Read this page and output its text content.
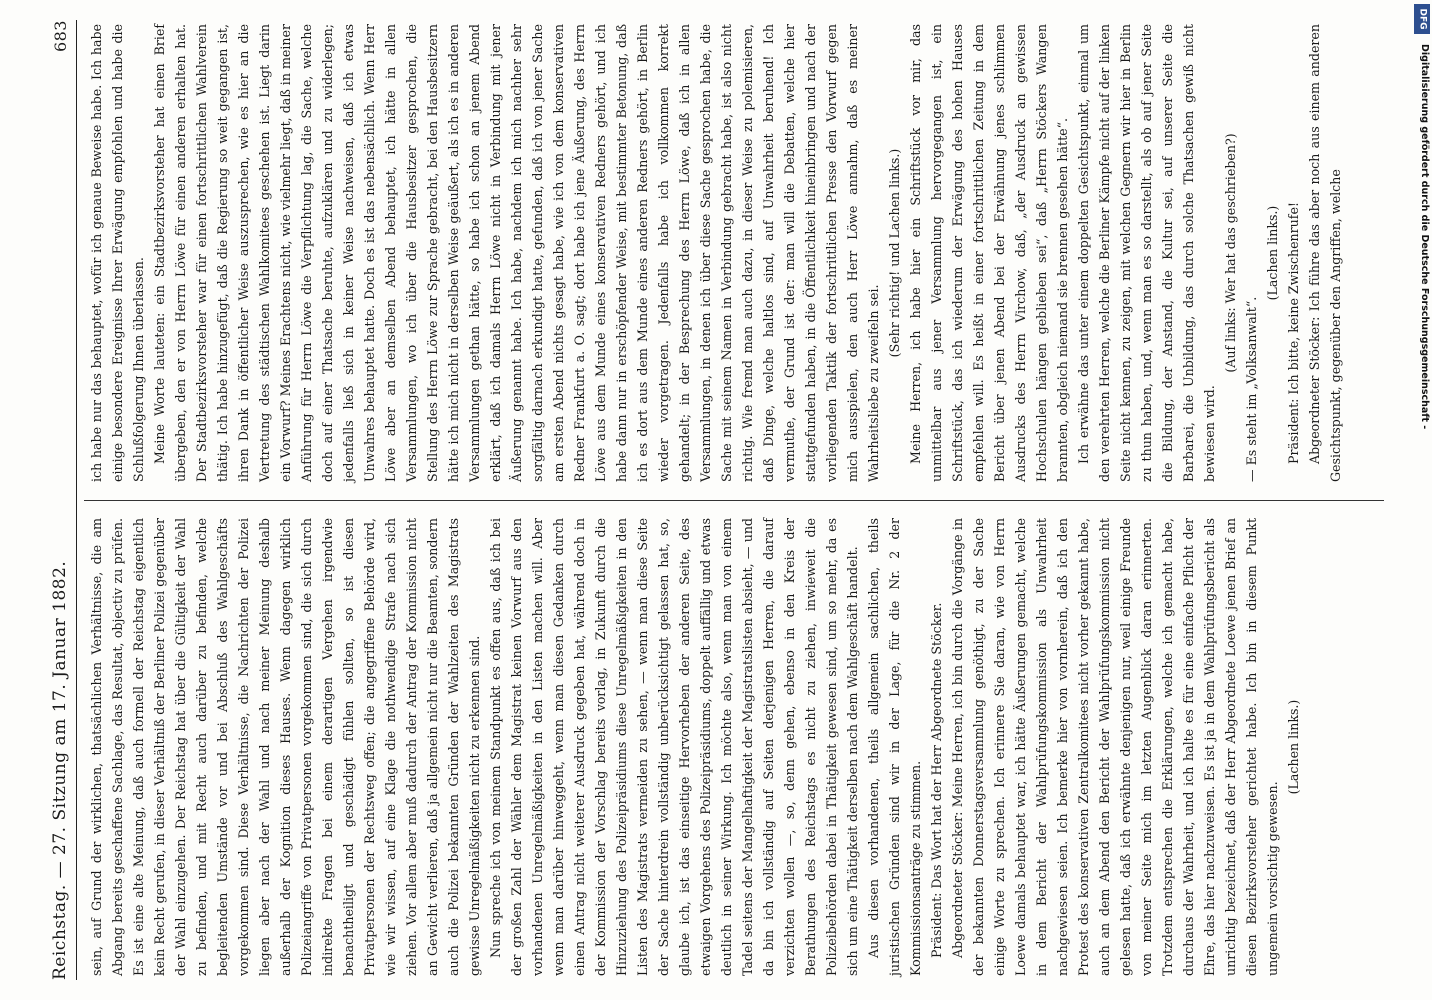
Reichstag. — 27. Sitzung am 17. Januar 1882.
683

sein, auf Grund der wirklichen, thatsächlichen Verhältnisse, die am Abgang bereits geschaffene Sachlage, das Resultat, objectiv zu prüfen. Es ist eine alte Meinung, daß auch formell der Reichstag eigentlich kein Recht gerufen, in dieser Verhältniß der Berliner Polizei gegenüber der Wahl einzugehen. Der Reichstag hat über die Gültigkeit der Wahl zu befinden, und mit Recht auch darüber zu befinden, welche begleitenden Umstände vor und bei Abschluß des Wahlgeschäfts vorgekommen sind. Diese Verhältnisse, die Nachrichten der Polizei liegen aber nach der Wahl und nach meiner Meinung deshalb außerhalb der Kognition dieses Hauses. Wenn dagegen wirklich Polizeiangriffe von Privatpersonen vorgekommen sind, die sich durch indirekte Fragen bei einem derartigen Vergehen irgendwie benachtheiligt und geschädigt fühlen sollten, so ist diesen Privatpersonen der Rechtsweg offen; die angegriffene Behörde wird, wie wir wissen, auf eine Klage die nothwendige Strafe nach sich ziehen. Vor allem aber muß dadurch der Antrag der Kommission nicht an Gewicht verlieren, daß ja allgemein nicht nur die Beamten, sondern auch die Polizei bekannten Gründen der Wahlzeiten des Magistrats gewisse Unregelmäßigkeiten nicht zu erkennen sind. Nun spreche ich von meinem Standpunkt es offen aus, daß ich bei der großen Zahl der Wähler dem Magistrat keinen Vorwurf aus den vorhandenen Unregelmäßigkeiten in den Listen machen will. Aber wenn man darüber hinweggeht, wenn man diesen Gedanken durch einen Antrag nicht weiterer Ausdruck gegeben hat, während doch in der Kommission der Vorschlag bereits vorlag, in Zukunft durch die Hinzuziehung des Polizeipräsidiums diese Unregelmäßigkeiten in den Listen des Magistrats vermeiden zu sehen, — wenn man diese Seite der Sache hinterdrein vollständig unberücksichtigt gelassen hat, so, glaube ich, ist das einseitige Hervorheben der anderen Seite, des etwaigen Vorgehens des Polizeipräsidiums, doppelt auffällig und etwas deutlich in seiner Wirkung. Ich möchte also, wenn man von einem Tadel seitens der Mangelhaftigkeit der Magistratslisten absieht, — und da bin ich vollständig auf Seiten derjenigen Herren, die darauf verzichten wollen —, so, denn gehen, ebenso in den Kreis der Berathungen des Reichstags es nicht zu ziehen, inwieweit die Polizeibehörden dabei in Thätigkeit gewesen sind, um so mehr, da es sich um eine Thätigkeit derselben nach dem Wahlgeschäft handelt. Aus diesen vorhandenen, theils allgemein sachlichen, theils juristischen Gründen sind wir in der Lage, für die Nr. 2 der Kommissionsanträge zu stimmen. Präsident: Das Wort hat der Herr Abgeordnete Stöcker. Abgeordneter Stöcker: Meine Herren, ich bin durch die Vorgänge in der bekannten Donnerstagsversammlung genöthigt, zu der Sache einige Worte zu sprechen. Ich erinnere Sie daran, wie von Herrn Loewe damals behauptet war, ich hätte Äußerungen gemacht, welche in dem Bericht der Wahlprüfungskommission als Unwahrheit nachgewiesen seien. Ich bemerke hier von vornherein, daß ich den Protest des konservativen Zentralkomitees nicht vorher gekannt habe, auch an dem Abend den Bericht der Wahlprüfungskommission nicht gelesen hatte, daß ich erwähnte denjenigen nur, weil einige Freunde von meiner Seite mich im letzten Augenblick daran erinnerten. Trotzdem entsprechen die Erklärungen, welche ich gemacht habe, durchaus der Wahrheit, und ich halte es für eine einfache Pflicht der Ehre, das hier nachzuweisen. Es ist ja in dem Wahlprüfungsbericht als unrichtig bezeichnet, daß der Herr Abgeordnete Loewe jenen Brief an diesen Bezirksvorsteher gerichtet habe. Ich bin in diesem Punkt ungemein vorsichtig gewesen.

(Lachen links.)

ich habe nur das behauptet, wofür ich genaue Beweise habe. Ich habe einige besondere Ereignisse Ihrer Erwägung empfohlen und habe die Schlußfolgerung Ihnen überlassen. Meine Worte lauteten: ein Stadtbezirksvorsteher hat einen Brief übergeben, den er von Herrn Löwe für einen anderen erhalten hat. Der Stadtbezirksvorsteher war für einen fortschrittlichen Wahlverein thätig. Ich habe hinzugefügt, daß die Regierung so weit gegangen ist, ihren Dank in öffentlicher Weise auszusprechen, wie es hier an die Vertretung des städtischen Wahlkomitees geschehen ist. Liegt darin ein Vorwurf? Meines Erachtens nicht, wie vielmehr liegt, daß in meiner Anführung für Herrn Löwe die Verpflichtung lag, die Sache, welche doch auf einer Thatsache beruhte, aufzuklären und zu widerlegen; jedenfalls ließ sich in keiner Weise nachweisen, daß ich etwas Unwahres behauptet hatte. Doch es ist das nebensächlich. Wenn Herr Löwe aber an demselben Abend behauptet, ich hätte in allen Versammlungen, wo ich über die Hausbesitzer gesprochen, die Stellung des Herrn Löwe zur Sprache gebracht, bei den Hausbesitzern hätte ich mich nicht in derselben Weise geäußert, als ich es in anderen Versammlungen gethan hätte, so habe ich schon an jenem Abend erklärt, daß ich damals Herrn Löwe nicht in Verbindung mit jener Äußerung genannt habe. Ich habe, nachdem ich mich nachher sehr sorgfältig darnach erkundigt hatte, gefunden, daß ich von jener Sache am ersten Abend nichts gesagt habe, wie ich von dem konservativen Redner Frankfurt a. O. sagt; dort habe ich jene Äußerung, des Herrn Löwe aus dem Munde eines konservativen Redners gehört, und ich habe dann nur in erschöpfender Weise, mit bestimmter Betonung, daß ich es dort aus dem Munde eines anderen Redners gehört, in Berlin wieder vorgetragen. Jedenfalls habe ich vollkommen korrekt gehandelt; in der Besprechung des Herrn Löwe, daß ich in allen Versammlungen, in denen ich über diese Sache gesprochen habe, die Sache mit seinem Namen in Verbindung gebracht habe, ist also nicht richtig. Wie fremd man auch dazu, in dieser Weise zu polemisieren, daß Dinge, welche haltlos sind, auf Unwahrheit beruhend! Ich vermuthe, der Grund ist der: man will die Debatten, welche hier stattgefunden haben, in die Öffentlichkeit hineinbringen und nach der vorliegenden Taktik der fortschrittlichen Presse den Vorwurf gegen mich ausspielen, den auch Herr Löwe annahm, daß es meiner Wahrheitsliebe zu zweifeln sei.

(Sehr richtig! und Lachen links.) Meine Herren, ich habe hier ein Schriftstück vor mir, das unmittelbar aus jener Versammlung hervorgegangen ist, ein Schriftstück, das ich wiederum der Erwägung des hohen Hauses empfehlen will. Es heißt in einer fortschrittlichen Zeitung in dem Bericht über jenen Abend bei der Erwähnung jenes schlimmen Ausdrucks des Herrn Virchow, daß, „der Ausdruck an gewissen Hochschulen hängen geblieben sei“, daß „Herrn Stöckers Wangen brannten, obgleich niemand sie brennen gesehen hätte“. Ich erwähne das unter einem doppelten Gesichtspunkt, einmal um den verehrten Herren, welche die Berliner Kämpfe nicht auf der linken Seite nicht kennen, zu zeigen, mit welchen Gegnern wir hier in Berlin zu thun haben, und, wenn man es so darstellt, als ob auf jener Seite die Bildung, der Anstand, die Kultur sei, auf unserer Seite die Barbarei, die Unbildung, das durch solche Thatsachen gewiß nicht bewiesen wird.

(Auf links: Wer hat das geschrieben?)

— Es steht im „Volksanwalt“.

(Lachen links.) Präsident: Ich bitte, keine Zwischenrufe! Abgeordneter Stöcker: Ich führe das aber noch aus einem anderen Gesichtspunkt, gegenüber den Angriffen, welche

DFG
Digitalisierung gefördert durch die Deutsche Forschungsgemeinschaft -
